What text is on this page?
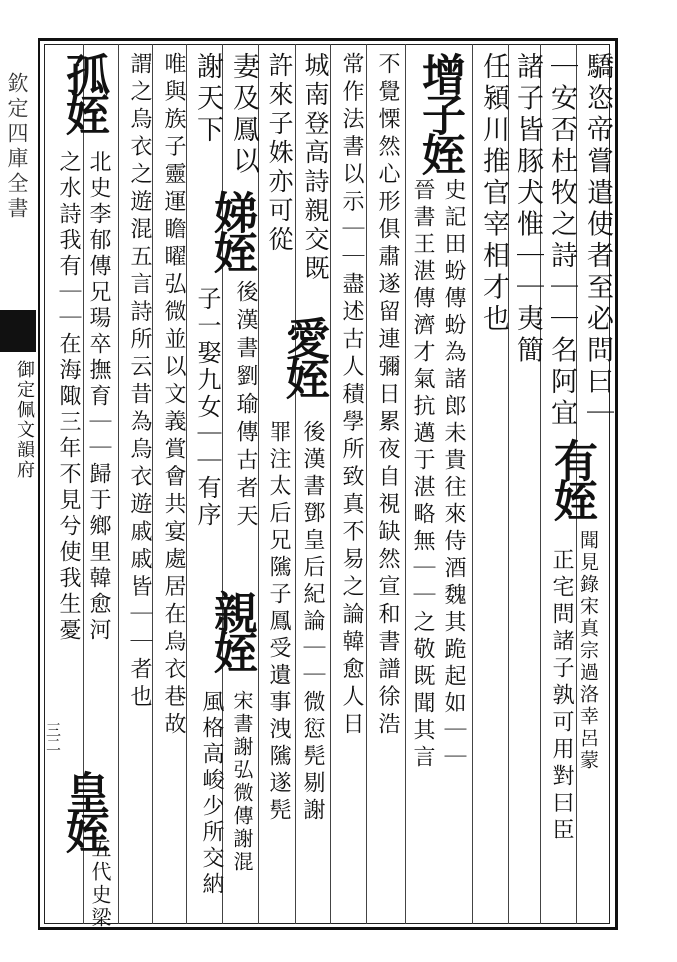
欽定四庫全書
御定佩文韻府
三二
驕恣帝嘗遣使者至必問曰｜
｜安否杜牧之詩｜｜名阿宜
有姪
聞見錄宋真宗過洛幸呂蒙
諸子皆豚犬惟｜｜夷簡
正宅問諸子孰可用對曰臣
任潁川推官宰相才也
增子姪
史記田蚡傳蚡為諸郎未貴往來侍酒魏其跪起如｜｜
晉書王湛傳濟才氣抗邁于湛略無｜｜之敬既聞其言
不覺慄然心形俱肅遂留連彌日累夜自視缺然宣和書譜徐浩
常作法書以示｜｜盡述古人積學所致真不易之論韓愈人日
城南登高詩親交既
愛姪
後漢書鄧皇后紀論｜｜微愆髡剔謝
許來子姝亦可從
罪注太后兄隲子鳳受遺事洩隲遂髡
妻及鳳以
娣姪
後漢書劉瑜傳古者天
謝天下
子一娶九女｜｜有序
親姪
宋書謝弘微傳謝混
風格高峻少所交納
唯與族子靈運瞻曜弘微並以文義賞會共宴處居在烏衣巷故
謂之烏衣之遊混五言詩所云昔為烏衣遊戚戚皆｜｜者也
孤姪
北史李郁傳兄瑒卒撫育｜｜歸于鄉里韓愈河
之水詩我有｜｜在海陬三年不見兮使我生憂
皇姪
五代史梁
